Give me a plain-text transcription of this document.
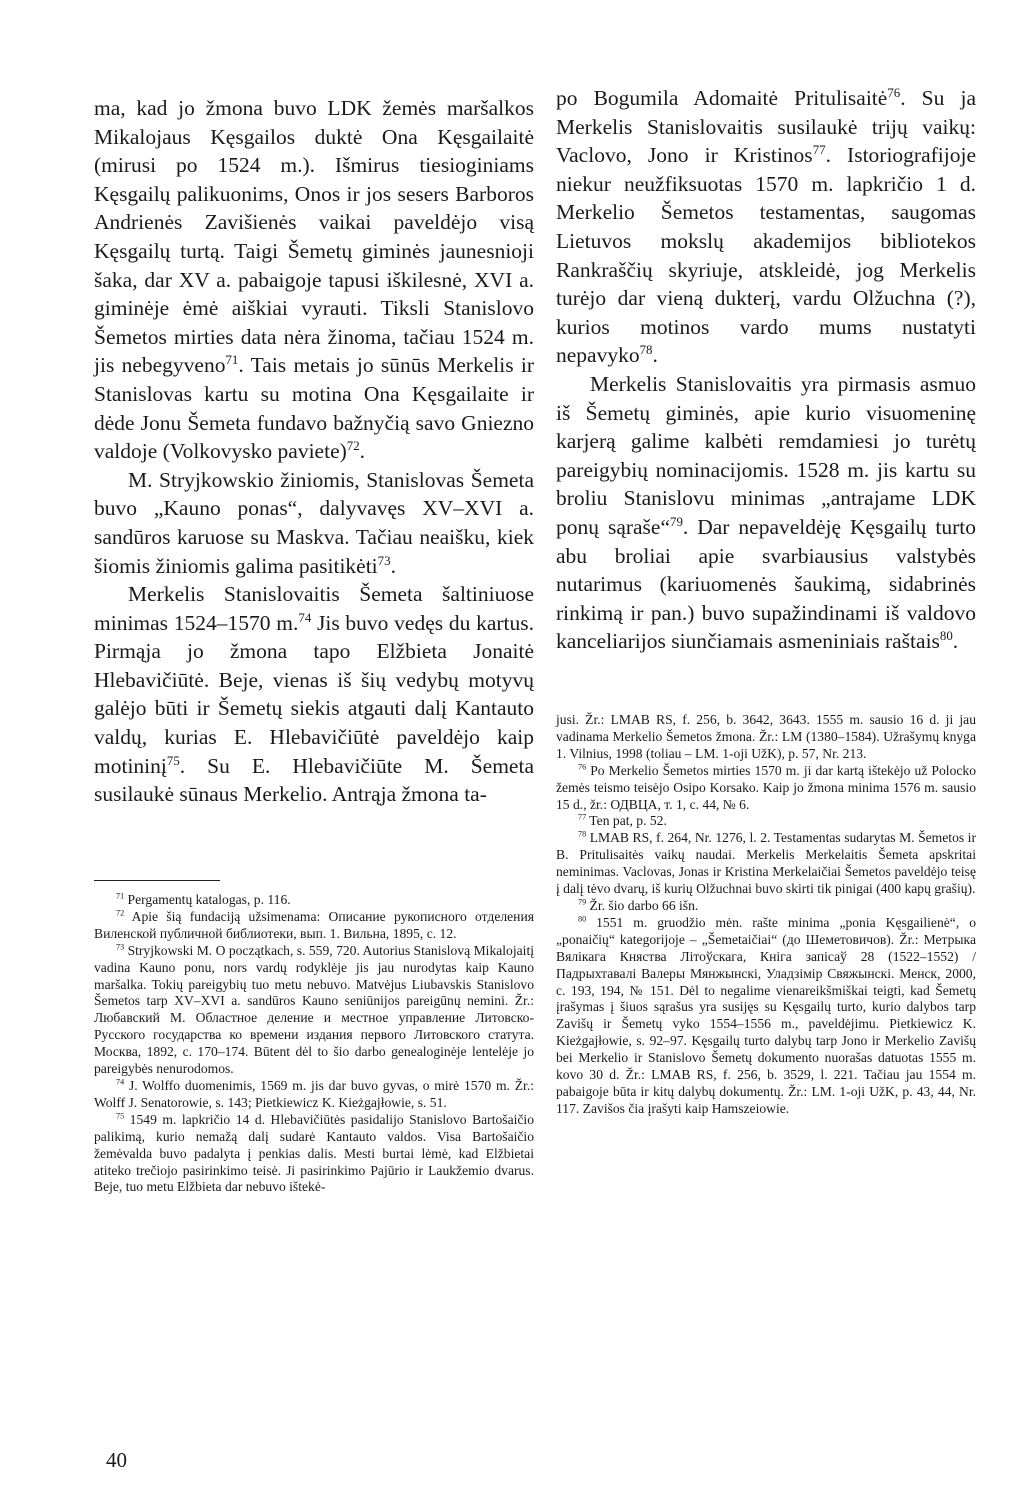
ma, kad jo žmona buvo LDK žemės maršalkos Mikalojaus Kęsgailos duktė Ona Kęsgailaitė (mirusi po 1524 m.). Išmirus tiesioginiams Kęsgailų palikuonims, Onos ir jos sesers Barboros Andrienės Zavišienės vaikai paveldėjo visą Kęsgailų turtą. Taigi Šemetų giminės jaunesnioji šaka, dar XV a. pabaigoje tapusi iškilesnė, XVI a. giminėje ėmė aiškiai vyrauti. Tiksli Stanislovo Šemetos mirties data nėra žinoma, tačiau 1524 m. jis nebegyveno$^{71}$. Tais metais jo sūnūs Merkelis ir Stanislovas kartu su motina Ona Kęsgailaite ir dėde Jonu Šemeta fundavo bažnyčią savo Gniezno valdoje (Volkovysko paviete)$^{72}$.

M. Stryjkowskio žiniomis, Stanislovas Šemeta buvo „Kauno ponas“, dalyvavęs XV–XVI a. sandūros karuose su Maskva. Tačiau neaišku, kiek šiomis žiniomis galima pasitikėti$^{73}$.

Merkelis Stanislovaitis Šemeta šaltiniuose minimas 1524–1570 m.$^{74}$ Jis buvo vedęs du kartus. Pirmąja jo žmona tapo Elžbieta Jonaitė Hlebavičiūtė. Beje, vienas iš šių vedybų motyvų galėjo būti ir Šemetų siekis atgauti dalį Kantauto valdų, kurias E. Hlebavičiūtė paveldėjo kaip motininį$^{75}$. Su E. Hlebavičiūte M. Šemeta susilaukė sūnaus Merkelio. Antrąja žmona ta-

$^{71}$ Pergamentų katalogas, p. 116.

$^{72}$ Apie šią fundaciją užsimenama: Описание рукописного отделения Виленской публичной библиотеки, вып. 1. Вильна, 1895, с. 12.

$^{73}$ Stryjkowski M. O początkach, s. 559, 720. Autorius Stanislovą Mikalojaitį vadina Kauno ponu, nors vardų rodyklėje jis jau nurodytas kaip Kauno maršalka. Tokių pareigybių tuo metu nebuvo. Matvėjus Liubavskis Stanislovo Šemetos tarp XV–XVI a. sandūros Kauno seniūnijos pareigūnų nemini. Žr.: Любавский М. Областное деление и местное управление Литовско-Русского государства ко времени издания первого Литовского статута. Москва, 1892, с. 170–174. Būtent dėl to šio darbo genealoginėje lentelėje jo pareigybės nenurodomos.

$^{74}$ J. Wolffo duomenimis, 1569 m. jis dar buvo gyvas, o mirė 1570 m. Žr.: Wolff J. Senatorowie, s. 143; Pietkiewicz K. Kieżgajłowie, s. 51.

$^{75}$ 1549 m. lapkričio 14 d. Hlebavičiūtės pasidalijo Stanislovo Bartošaičio palikimą, kurio nemažą dalį sudarė Kantauto valdos. Visa Bartošaičio žemėvalda buvo padalyta į penkias dalis. Mesti burtai lėmė, kad Elžbietai atitekо trečiojo pasirinkimo teisė. Ji pasirinkimo Pajūrio ir Laukžemio dvarus. Beje, tuo metu Elžbieta dar nebuvo ištekė-

po Bogumila Adomaitė Pritulisaitė$^{76}$. Su ja Merkelis Stanislovaitis susilaukė trijų vaikų: Vaclovo, Jono ir Kristinos$^{77}$. Istoriografijoje niekur neužfiksuotas 1570 m. lapkričio 1 d. Merkelio Šemetos testamentas, saugomas Lietuvos mokslų akademijos bibliotekos Rankraščių skyriuje, atskleidė, jog Merkelis turėjo dar vieną dukterį, vardu Olžuchna (?), kurios motinos vardo mums nustatyti nepavyko$^{78}$.

Merkelis Stanislovaitis yra pirmasis asmuo iš Šemetų giminės, apie kurio visuomeninę karjerą galime kalbėti remdamiesi jo turėtų pareigybių nominacijomis. 1528 m. jis kartu su broliu Stanislovu minimas „antrajame LDK ponų sąraše“$^{79}$. Dar nepaveldėję Kęsgailų turto abu broliai apie svarbiausius valstybės nutarimus (kariuomenės šaukimą, sidabrinės rinkimą ir pan.) buvo supažindinami iš valdovo kanceliarijos siunčiamais asmeniniais raštais$^{80}$.

jusi. Žr.: LMAB RS, f. 256, b. 3642, 3643. 1555 m. sausio 16 d. ji jau vadinama Merkelio Šemetos žmona. Žr.: LM (1380–1584). Užrašymų knyga 1. Vilnius, 1998 (toliau – LM. 1-oji UžK), p. 57, Nr. 213.

$^{76}$ Po Merkelio Šemetos mirties 1570 m. ji dar kartą ištekėjo už Polocko žemės teismo teisėjo Osipo Korsako. Kaip jo žmona minima 1576 m. sausio 15 d., žr.: ОДВЦА, т. 1, с. 44, № 6.

$^{77}$ Ten pat, p. 52.

$^{78}$ LMAB RS, f. 264, Nr. 1276, l. 2. Testamentas sudarytas M. Šemetos ir B. Pritulisaitės vaikų naudai. Merkelis Merkelaitis Šemeta apskritai neminimas. Vaclovas, Jonas ir Kristina Merkelaičiai Šemetos paveldėjo teisę į dalį tėvo dvarų, iš kurių Olžuchnai buvo skirti tik pinigai (400 kapų grašių).

$^{79}$ Žr. šio darbo 66 išn.

$^{80}$ 1551 m. gruodžio mėn. rašte minima „ponia Kęsgailienė“, o „ponaičių“ kategorijoje – „Šemetaičiai“ (до Шеметовичов). Žr.: Метрыка Вялікага Княства Літоўскага, Кніга запісаў 28 (1522–1552) / Падрыхтавалі Валеры Мянжынскі, Уладзімір Свяжынскі. Менск, 2000, с. 193, 194, № 151. Dėl to negalime vienareikšmiškai teigti, kad Šemetų įrašymas į šiuos sąrašus yra susijęs su Kęsgailų turto, kurio dalybos tarp Zavišų ir Šemetų vyko 1554–1556 m., paveldėjimu. Pietkiewicz K. Kieżgajłowie, s. 92–97. Kęsgailų turto dalybų tarp Jono ir Merkelio Zavišų bei Merkelio ir Stanislovo Šemetų dokumento nuorašas datuotas 1555 m. kovo 30 d. Žr.: LMAB RS, f. 256, b. 3529, l. 221. Tačiau jau 1554 m. pabaigoje būta ir kitų dalybų dokumentų. Žr.: LM. 1-oji UžK, p. 43, 44, Nr. 117. Zavišos čia įrašyti kaip Hamszeiowie.

40
